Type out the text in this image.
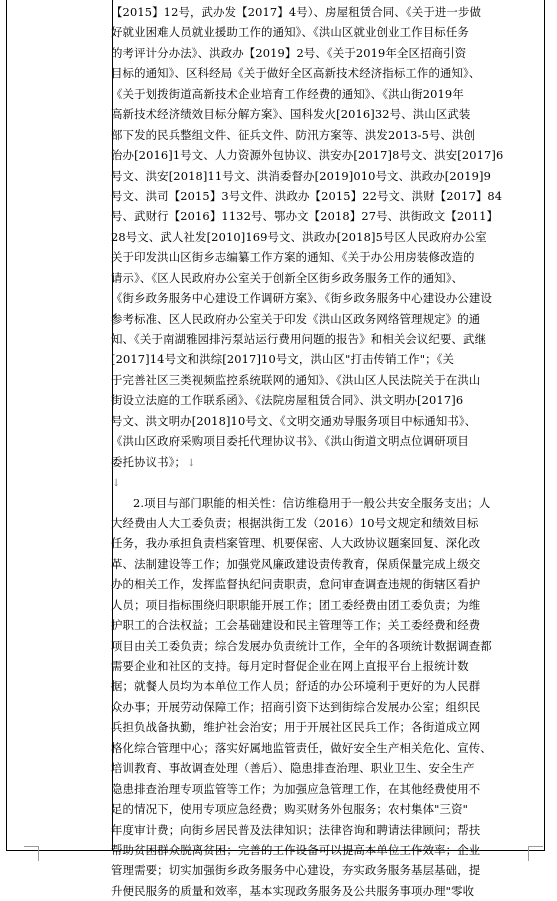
【2015】12号，武办发【2017】4号）、房屋租赁合同、《关于进一步做
好就业困难人员就业援助工作的通知》、《洪山区就业创业工作目标任务
的考评计分办法》、洪政办【2019】2号、《关于2019年全区招商引资
目标的通知》、区科经局《关于做好全区高新技术经济指标工作的通知》、
《关于划拨街道高新技术企业培育工作经费的通知》、《洪山街2019年
高新技术经济绩效目标分解方案》、国科发火[2016]32号、洪山区武装
部下发的民兵整组文件、征兵文件、防汛方案等、洪发2013-5号、洪创
治办[2016]1号文、人力资源外包协议、洪安办[2017]8号文、洪安[2017]6
号文、洪安[2018]11号文、洪消委督办[2019]010号文、洪政办[2019]9
号文、洪司【2015】3号文件、洪政办【2015】22号文、洪财【2017】84
号、武财行【2016】1132号、鄂办文【2018】27号、洪街政文【2011】
28号文、武人社发[2010]169号文、洪政办[2018]5号区人民政府办公室
关于印发洪山区街乡志编纂工作方案的通知、《关于办公用房装修改造的
请示》、《区人民政府办公室关于创新全区街乡政务服务工作的通知》、
《街乡政务服务中心建设工作调研方案》、《街乡政务服务中心建设办公建设
参考标准、区人民政府办公室关于印发《洪山区政务网络管理规定》的通
知、《关于南湖雅园排污泵站运行费用问题的报告》和相关会议纪要、武继
[2017]14号文和洪综[2017]10号文，洪山区"打击传销工作"；《关
于完善社区三类视频监控系统联网的通知》、《洪山区人民法院关于在洪山
街设立法庭的工作联系函》、《法院房屋租赁合同》、洪文明办[2017]6
号文、洪文明办[2018]10号文、《文明交通劝导服务项目中标通知书》、
《洪山区政府采购项目委托代理协议书》、《洪山街道文明点位调研项目
委托协议书》；↓
↓
2.项目与部门职能的相关性：信访维稳用于一般公共安全服务支出；人
大经费由人大工委负责；根据洪街工发（2016）10号文规定和绩效目标
任务，我办承担負责档案管理、机要保密、人大政协议题案回复、深化改
革、法制建设等工作；加强党风廉政建设责传教育，保质保量完成上级交
办的相关工作，发挥监督执纪问责职责，怠问审查调查违规的街辖区看护
人员；项目指标围绕归职职能开展工作；团工委经费由团工委负责；为维
护职工的合法权益；工会基础建设和民主管理等工作；关工委经费和经费
项目由关工委负责；综合发展办负责统计工作，全年的各项统计数据调查都
需要企业和社区的支持。每月定时督促企业在网上直报平台上报统计数
据；就餐人员均为本单位工作人员；舒适的办公环境利于更好的为人民群
众办事；开展劳动保障工作；招商引资下达到街综合发展办公室；组织民
兵担负战备执勤，维护社会治安；用于开展社区民兵工作；各街道成立网
格化综合管理中心；落实好属地监管责任，做好安全生产相关危化、宣传、
培训教育、事故调查处理（善后）、隐患排查治理、职业卫生、安全生产
隐患排查治理专项监管等工作；为加强应急管理工作，在其他经费使用不
足的情况下，使用专项应急经费；购买财务外包服务；农村集体"三资"
年度审计费；向街乡居民普及法律知识；法律咨询和聘请法律顾问；帮扶
帮助贫困群众脱离贫困；完善的工作设备可以提高本单位工作效率；企业
管理需要；切实加强街乡政务服务中心建设，夯实政务服务基层基础，提
升便民服务的质量和效率，基本实现政务服务及公共服务事项办理"零收
